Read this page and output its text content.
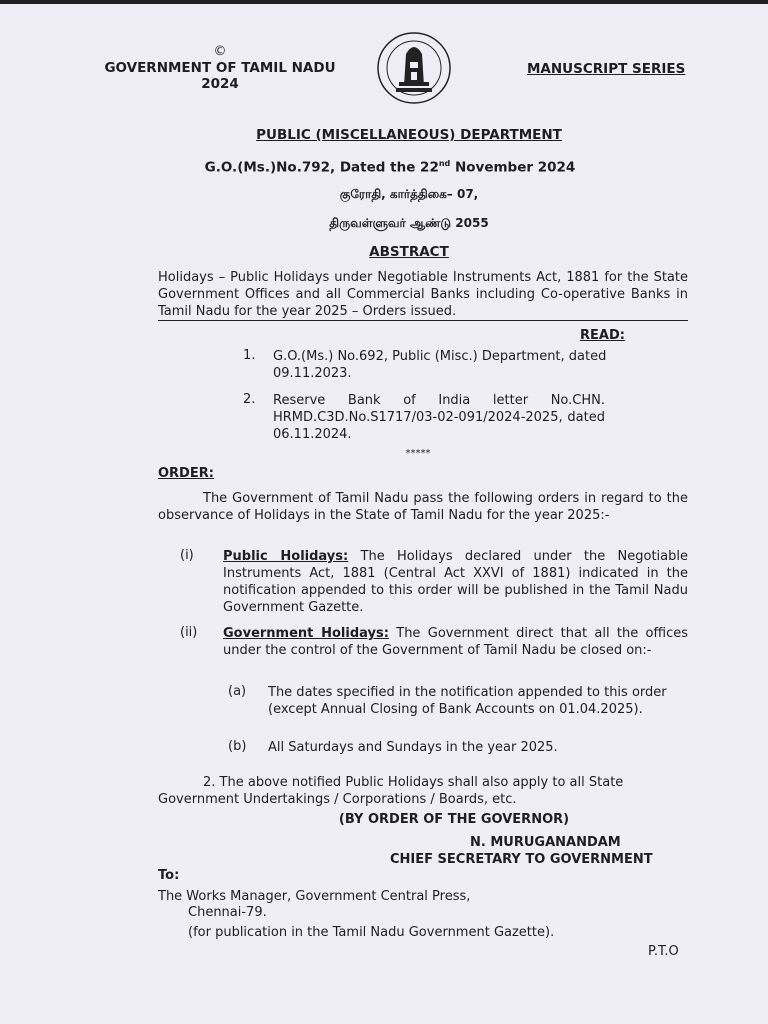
©
GOVERNMENT OF TAMIL NADU
2024
MANUSCRIPT SERIES
PUBLIC (MISCELLANEOUS) DEPARTMENT
G.O.(Ms.)No.792, Dated the 22nd November 2024
குரோதி, கார்த்திகை– 07,
திருவள்ளுவர் ஆண்டு 2055
ABSTRACT
Holidays – Public Holidays under Negotiable Instruments Act, 1881 for the State Government Offices and all Commercial Banks including Co-operative Banks in Tamil Nadu for the year 2025 – Orders issued.
READ:
1. G.O.(Ms.) No.692, Public (Misc.) Department, dated 09.11.2023.
2. Reserve Bank of India letter No.CHN. HRMD.C3D.No.S1717/03-02-091/2024-2025, dated 06.11.2024.
*****
ORDER:
The Government of Tamil Nadu pass the following orders in regard to the observance of Holidays in the State of Tamil Nadu for the year 2025:-
(i) Public Holidays: The Holidays declared under the Negotiable Instruments Act, 1881 (Central Act XXVI of 1881) indicated in the notification appended to this order will be published in the Tamil Nadu Government Gazette.
(ii) Government Holidays: The Government direct that all the offices under the control of the Government of Tamil Nadu be closed on:-
(a) The dates specified in the notification appended to this order (except Annual Closing of Bank Accounts on 01.04.2025).
(b) All Saturdays and Sundays in the year 2025.
2. The above notified Public Holidays shall also apply to all State Government Undertakings / Corporations / Boards, etc.
(BY ORDER OF THE GOVERNOR)
N. MURUGANANDAM
CHIEF SECRETARY TO GOVERNMENT
To:
The Works Manager, Government Central Press,
Chennai-79.
(for publication in the Tamil Nadu Government Gazette).
P.T.O
